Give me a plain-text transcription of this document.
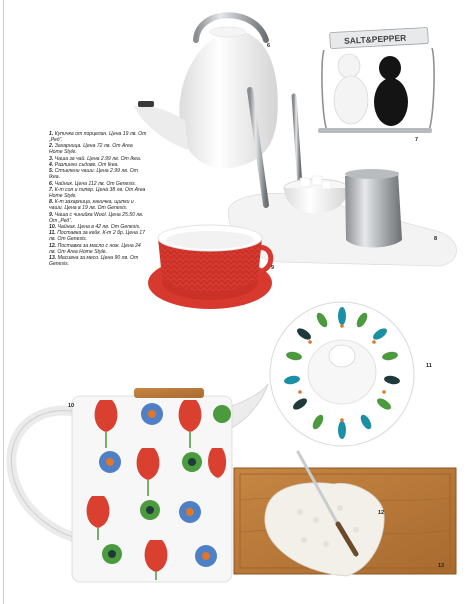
SALT&PEPPER
6
7
8
9
10
11
12
13
1. Купичка от порцелан. Цена 19 лв. От „Ред“.
2. Захарница. Цена 72 лв. От Area Home Style.
3. Чаша за чай. Цена 2.99 лв. От Ikea.
4. Разлинни съдове. От Ikea.
5. Стъклени чаши. Цена 2.99 лв. От Ikea.
6. Чайник. Цена 112 лв. От Genesis.
7. К-т сол и пипер. Цена 38 лв. От Area Home Style.
8. К-т захарница, каничка, щипки и чаши. Цена в 19 лв. От Genesis.
9. Чаша с чинийка Wool. Цена 25.50 лв. От „Ред“.
10. Чайник. Цена в 42 лв. От Genesis.
11. Поставка за кейк. К-т 2 бр. Цена 17 лв. От Genesis.
12. Поставка за масло с нож. Цена 24 лв. От Area Home Style.
13. Масивна за месо. Цена 90 лв. От Genesis.
